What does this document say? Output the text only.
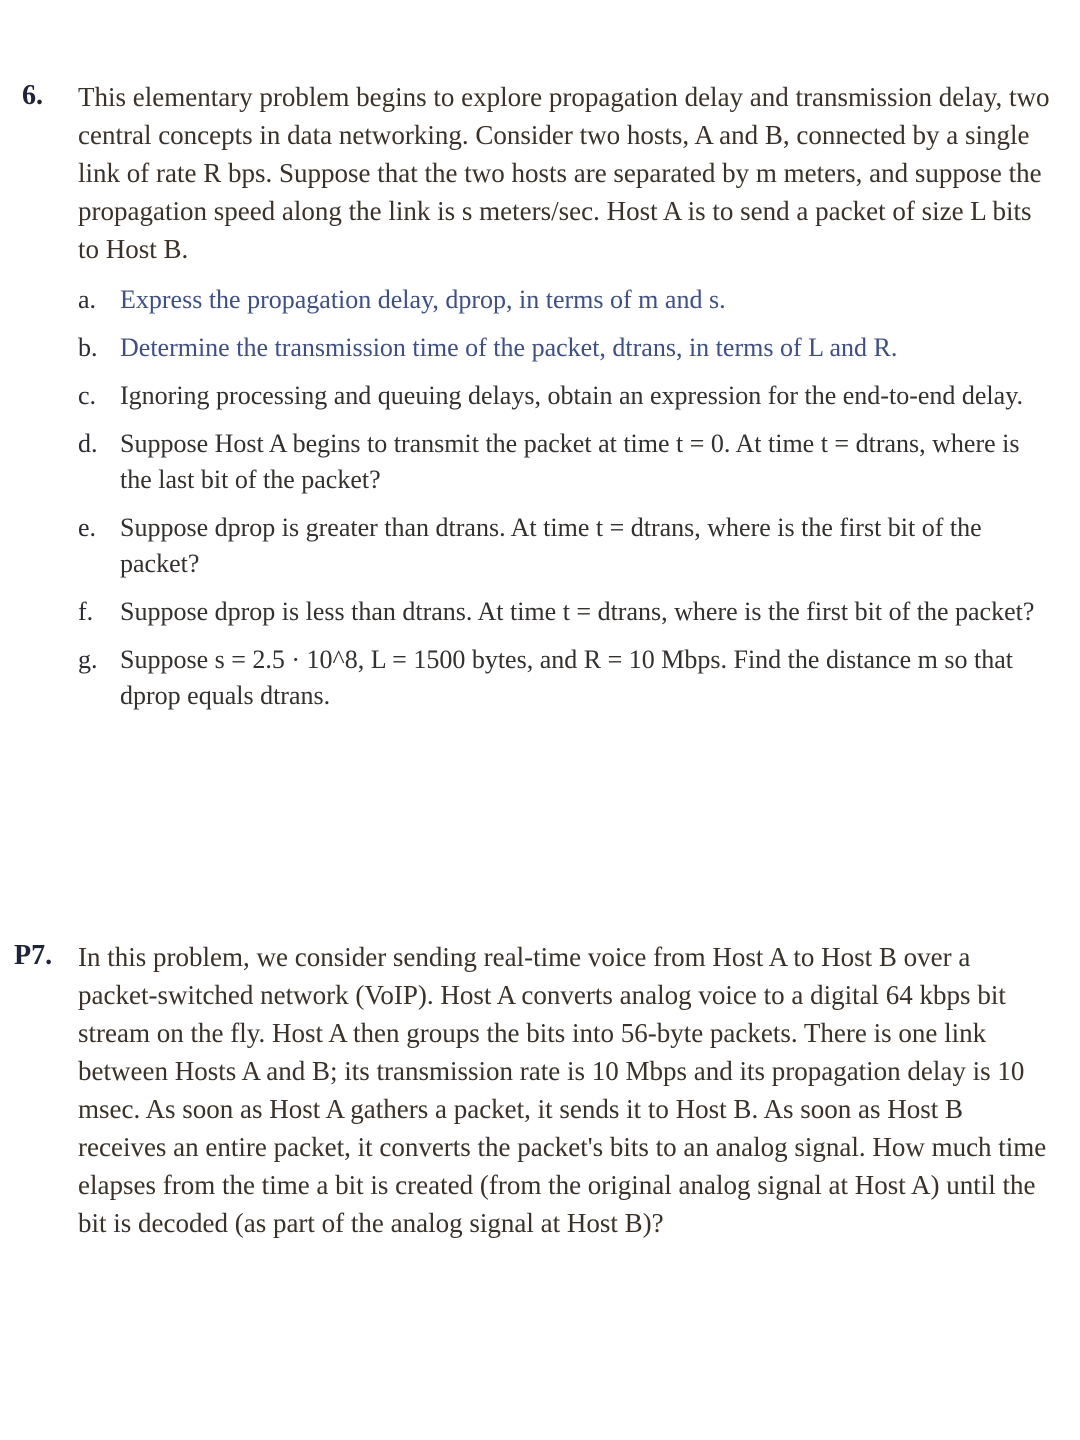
6. This elementary problem begins to explore propagation delay and transmission delay, two central concepts in data networking. Consider two hosts, A and B, connected by a single link of rate R bps. Suppose that the two hosts are separated by m meters, and suppose the propagation speed along the link is s meters/sec. Host A is to send a packet of size L bits to Host B.

a. Express the propagation delay, dprop, in terms of m and s.
b. Determine the transmission time of the packet, dtrans, in terms of L and R.
c. Ignoring processing and queuing delays, obtain an expression for the end-to-end delay.
d. Suppose Host A begins to transmit the packet at time t = 0. At time t = dtrans, where is the last bit of the packet?
e. Suppose dprop is greater than dtrans. At time t = dtrans, where is the first bit of the packet?
f. Suppose dprop is less than dtrans. At time t = dtrans, where is the first bit of the packet?
g. Suppose s = 2.5 · 10^8, L = 1500 bytes, and R = 10 Mbps. Find the distance m so that dprop equals dtrans.
P7. In this problem, we consider sending real-time voice from Host A to Host B over a packet-switched network (VoIP). Host A converts analog voice to a digital 64 kbps bit stream on the fly. Host A then groups the bits into 56-byte packets. There is one link between Hosts A and B; its transmission rate is 10 Mbps and its propagation delay is 10 msec. As soon as Host A gathers a packet, it sends it to Host B. As soon as Host B receives an entire packet, it converts the packet's bits to an analog signal. How much time elapses from the time a bit is created (from the original analog signal at Host A) until the bit is decoded (as part of the analog signal at Host B)?
